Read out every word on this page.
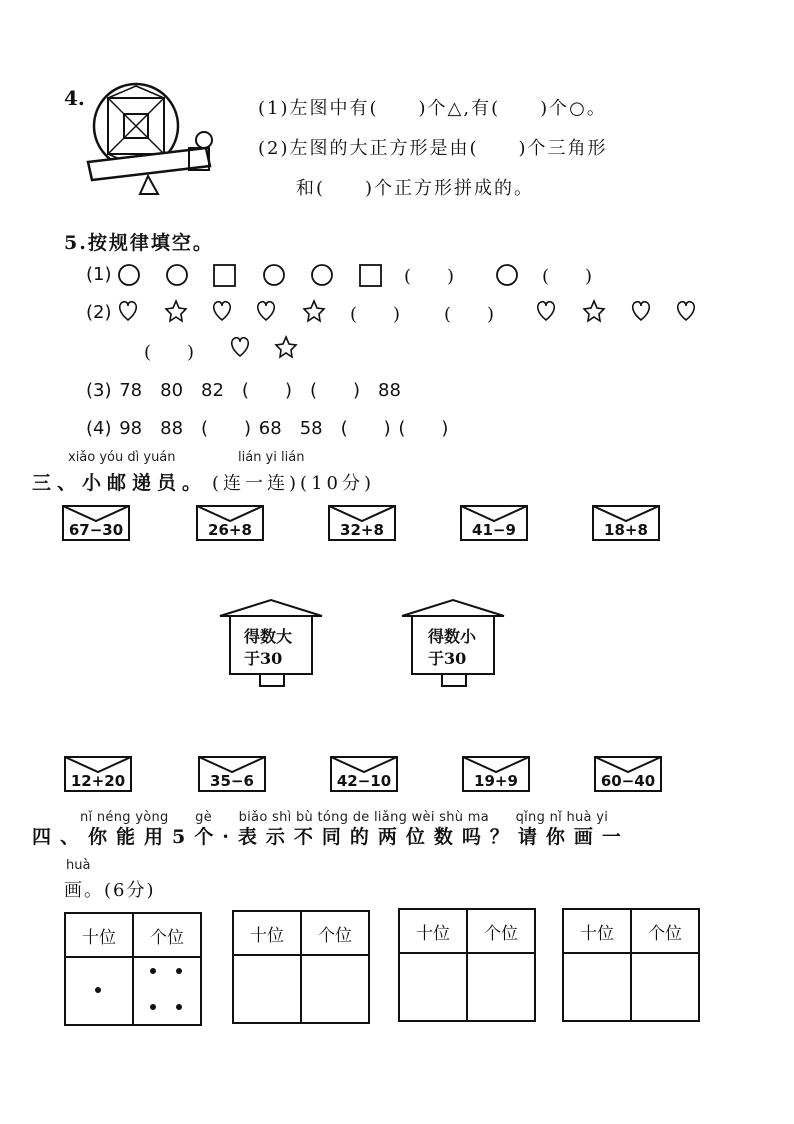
4.	(1)左图中有(　　)个△,有(　　)个○。
(2)左图的大正方形是由(　　)个三角形
和(　　)个正方形拼成的。
5.按规律填空。
(1)	(　　)	(　　)
(2)	(　　) (　　)
(　　)
(3) 78　80　82　(　　)　(　　)　88
(4) 98　88　(　　) 68　58　(　　) (　　)
xiǎo yóu dì yuán	lián yi lián
三、小邮递员。 (连一连)(10分)
67−30	26+8	32+8	41−9	18+8
得数大
于30
得数小
于30
12+20	35−6	42−10	19+9	60−40
nǐ néng yòng　　gè　　biǎo shì bù tóng de liǎng wèi shù ma　　qǐng nǐ huà yi
四、你能用5个·表示不同的两位数吗？请你画一
huà
画。(6分)
十位	个位

		十位	个位
		十位	个位
		十位	个位
